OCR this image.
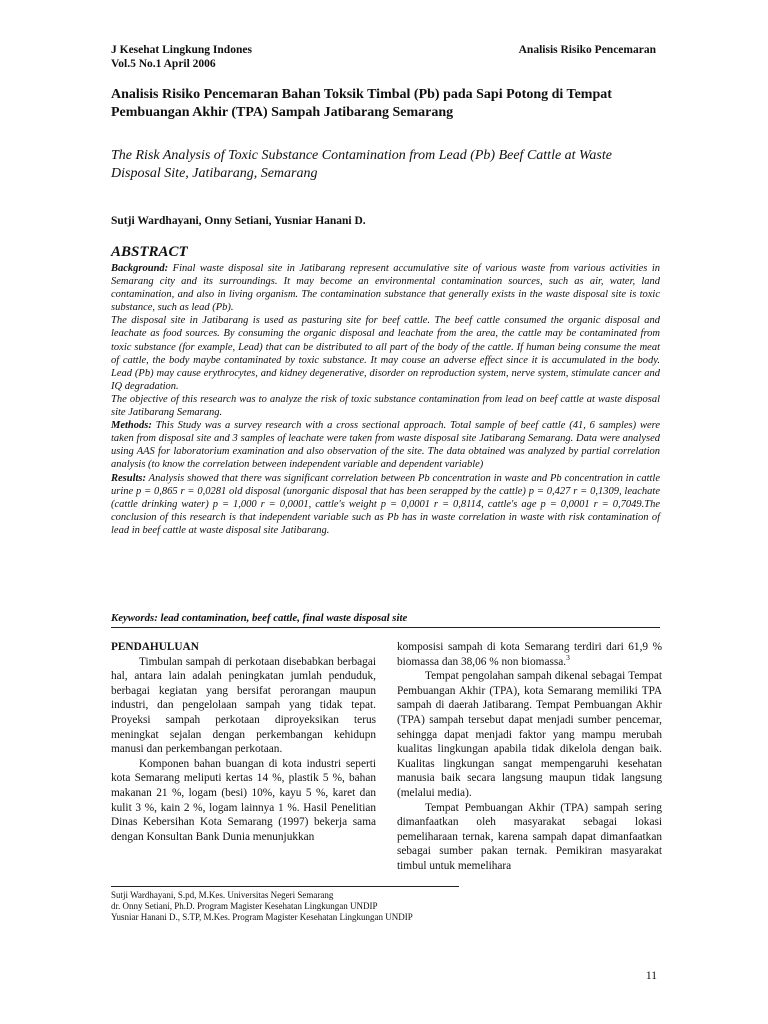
J Kesehat Lingkung Indones
Vol.5 No.1 April 2006
Analisis Risiko Pencemaran
Analisis Risiko Pencemaran Bahan Toksik Timbal (Pb) pada Sapi Potong di Tempat Pembuangan Akhir (TPA) Sampah Jatibarang Semarang
The Risk Analysis of Toxic Substance Contamination from Lead (Pb) Beef Cattle at Waste Disposal Site, Jatibarang, Semarang
Sutji Wardhayani, Onny Setiani, Yusniar Hanani D.
ABSTRACT

Background: Final waste disposal site in Jatibarang represent accumulative site of various waste from various activities in Semarang city and its surroundings. It may become an environmental contamination sources, such as air, water, land contamination, and also in living organism. The contamination substance that generally exists in the waste disposal site is toxic substance, such as lead (Pb).

The disposal site in Jatibarang is used as pasturing site for beef cattle. The beef cattle consumed the organic disposal and leachate as food sources. By consuming the organic disposal and leachate from the area, the cattle may be contaminated from toxic substance (for example, Lead) that can be distributed to all part of the body of the cattle. If human being consume the meat of cattle, the body maybe contaminated by toxic substance. It may couse an adverse effect since it is accumulated in the body. Lead (Pb) may cause erythrocytes, and kidney degenerative, disorder on reproduction system, nerve system, stimulate cancer and IQ degradation.

The objective of this research was to analyze the risk of toxic substance contamination from lead on beef cattle at waste disposal site Jatibarang Semarang.

Methods: This Study was a survey research with a cross sectional approach. Total sample of beef cattle (41, 6 samples) were taken from disposal site and 3 samples of leachate were taken from waste disposal site Jatibarang Semarang. Data were analysed using AAS for laboratorium examination and also observation of the site. The data obtained was analyzed by partial correlation analysis (to know the correlation between independent variable and dependent variable)

Results: Analysis showed that there was significant correlation between Pb concentration in waste and Pb concentration in cattle urine p = 0,865 r = 0,0281 old disposal (unorganic disposal that has been serapped by the cattle) p = 0,427 r = 0,1309, leachate (cattle drinking water) p = 1,000 r = 0,0001, cattle's weight p = 0,0001 r = 0,8114, cattle's age p = 0,0001 r = 0,7049.The conclusion of this research is that independent variable such as Pb has in waste correlation in waste with risk contamination of lead in beef cattle at waste disposal site Jatibarang.

Keywords: lead contamination, beef cattle, final waste disposal site

PENDAHULUAN

Timbulan sampah di perkotaan disebabkan berbagai hal, antara lain adalah peningkatan jumlah penduduk, berbagai kegiatan yang bersifat perorangan maupun industri, dan pengelolaan sampah yang tidak tepat. Proyeksi sampah perkotaan diproyeksikan terus meningkat sejalan dengan perkembangan kehidupn manusi dan perkembangan perkotaan.

Komponen bahan buangan di kota industri seperti kota Semarang meliputi kertas 14 %, plastik 5 %, bahan makanan 21 %, logam (besi) 10%, kayu 5 %, karet dan kulit 3 %, kain 2 %, logam lainnya 1 %. Hasil Penelitian Dinas Kebersihan Kota Semarang (1997) bekerja sama dengan Konsultan Bank Dunia menunjukkan

komposisi sampah di kota Semarang terdiri dari 61,9 % biomassa dan 38,06 % non biomassa.$^3$

Tempat pengolahan sampah dikenal sebagai Tempat Pembuangan Akhir (TPA), kota Semarang memiliki TPA sampah di daerah Jatibarang. Tempat Pembuangan Akhir (TPA) sampah tersebut dapat menjadi sumber pencemar, sehingga dapat menjadi faktor yang mampu merubah kualitas lingkungan apabila tidak dikelola dengan baik. Kualitas lingkungan sangat mempengaruhi kesehatan manusia baik secara langsung maupun tidak langsung (melalui media).

Tempat Pembuangan Akhir (TPA) sampah sering dimanfaatkan oleh masyarakat sebagai lokasi pemeliharaan ternak, karena sampah dapat dimanfaatkan sebagai sumber pakan ternak. Pemikiran masyarakat timbul untuk memelihara

Sutji Wardhayani, S.pd, M.Kes. Universitas Negeri Semarang
dr. Onny Setiani, Ph.D. Program Magister Kesehatan Lingkungan UNDIP
Yusniar Hanani D., S.TP, M.Kes. Program Magister Kesehatan Lingkungan UNDIP
11
